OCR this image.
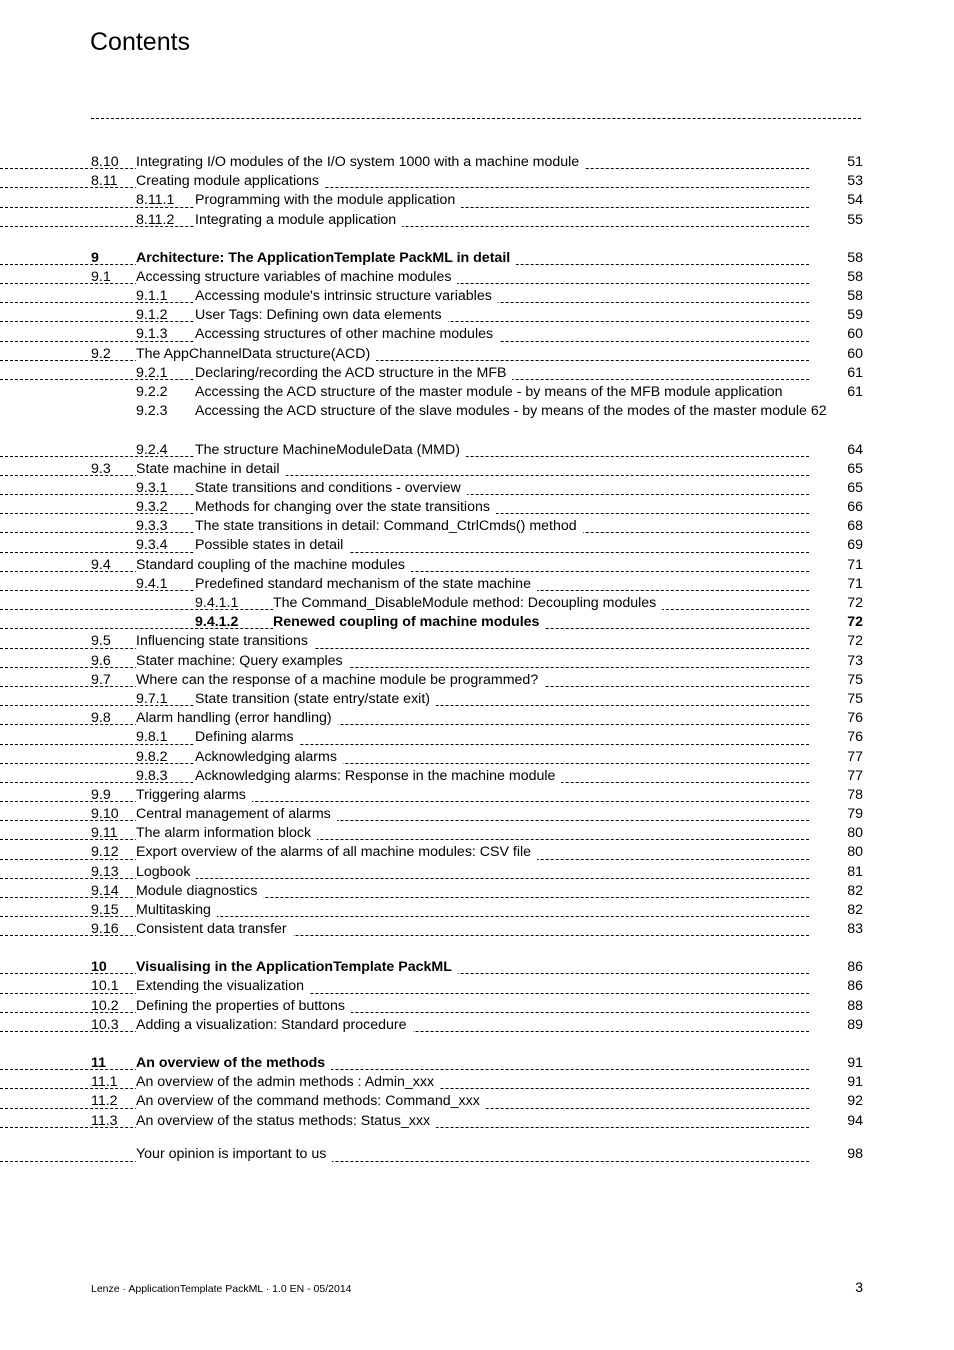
Contents
8.10 Integrating I/O modules of the I/O system 1000 with a machine module	51
8.11 Creating module applications	53
8.11.1 Programming with the module application	54
8.11.2 Integrating a module application	55
9	Architecture: The ApplicationTemplate PackML in detail	58
9.1 Accessing structure variables of machine modules	58
9.1.1 Accessing module's intrinsic structure variables	58
9.1.2 User Tags: Defining own data elements	59
9.1.3 Accessing structures of other machine modules	60
9.2 The AppChannelData structure(ACD)	60
9.2.1 Declaring/recording the ACD structure in the MFB	61
9.2.2 Accessing the ACD structure of the master module - by means of the MFB module application	61
9.2.3 Accessing the ACD structure of the slave modules - by means of the modes of the master module 62
9.2.4 The structure MachineModuleData (MMD)	64
9.3 State machine in detail	65
9.3.1 State transitions and conditions - overview	65
9.3.2 Methods for changing over the state transitions	66
9.3.3 The state transitions in detail: Command_CtrlCmds() method	68
9.3.4 Possible states in detail	69
9.4 Standard coupling of the machine modules	71
9.4.1 Predefined standard mechanism of the state machine	71
9.4.1.1 The Command_DisableModule method: Decoupling modules	72
9.4.1.2 Renewed coupling of machine modules	72
9.5 Influencing state transitions	72
9.6 Stater machine: Query examples	73
9.7 Where can the response of a machine module be programmed?	75
9.7.1 State transition (state entry/state exit)	75
9.8 Alarm handling (error handling)	76
9.8.1 Defining alarms	76
9.8.2 Acknowledging alarms	77
9.8.3 Acknowledging alarms: Response in the machine module	77
9.9 Triggering alarms	78
9.10 Central management of alarms	79
9.11 The alarm information block	80
9.12 Export overview of the alarms of all machine modules: CSV file	80
9.13 Logbook	81
9.14 Module diagnostics	82
9.15 Multitasking	82
9.16 Consistent data transfer	83
10 Visualising in the ApplicationTemplate PackML	86
10.1 Extending the visualization	86
10.2 Defining the properties of buttons	88
10.3 Adding a visualization: Standard procedure	89
11 An overview of the methods	91
11.1 An overview of the admin methods : Admin_xxx	91
11.2 An overview of the command methods: Command_xxx	92
11.3 An overview of the status methods: Status_xxx	94
Your opinion is important to us	98
Lenze · ApplicationTemplate PackML · 1.0 EN - 05/2014	3
